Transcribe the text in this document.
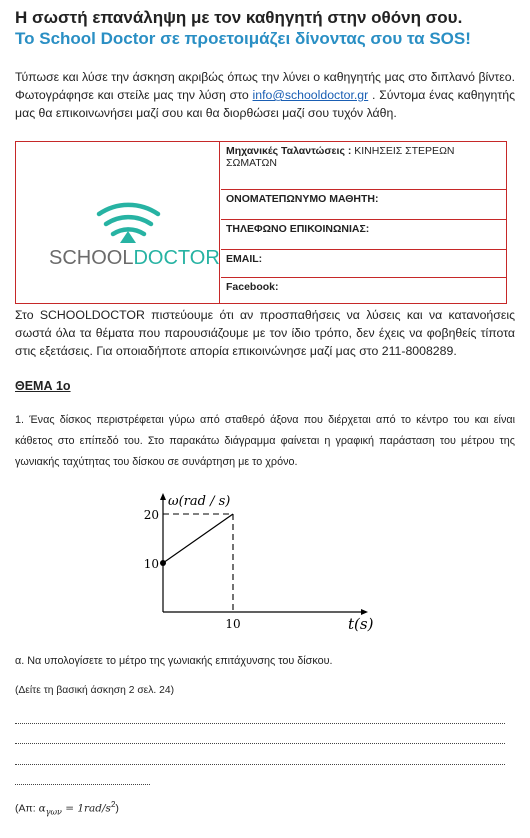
Η σωστή επανάληψη με τον καθηγητή στην οθόνη σου.
Το School Doctor σε προετοιμάζει δίνοντας σου τα SOS!
Τύπωσε και λύσε την άσκηση ακριβώς όπως την λύνει ο καθηγητής μας στο διπλανό βίντεο. Φωτογράφησε και στείλε μας την λύση στο info@schooldoctor.gr . Σύντομα ένας καθηγητής μας θα επικοινωνήσει μαζί σου και θα διορθώσει μαζί σου τυχόν λάθη.
SCHOOLDOCTOR
Μηχανικές Ταλαντώσεις : ΚΙΝΗΣΕΙΣ ΣΤΕΡΕΩΝ ΣΩΜΑΤΩΝ
ΟΝΟΜΑΤΕΠΩΝΥΜΟ ΜΑΘΗΤΗ:
ΤΗΛΕΦΩΝΟ ΕΠΙΚΟΙΝΩΝΙΑΣ:
EMAIL:
Facebook:
Στο SCHOOLDOCTOR πιστεύουμε ότι αν προσπαθήσεις να λύσεις και να κατανοήσεις σωστά όλα τα θέματα που παρουσιάζουμε με τον ίδιο τρόπο, δεν έχεις να φοβηθείς τίποτα στις εξετάσεις. Για οποιαδήποτε απορία επικοινώνησε μαζί μας στο 211-8008289.
ΘΕΜΑ 1ο
1. Ένας δίσκος περιστρέφεται γύρω από σταθερό άξονα που διέρχεται από το κέντρο του και είναι κάθετος στο επίπεδό του. Στο παρακάτω διάγραμμα φαίνεται η γραφική παράσταση του μέτρου της γωνιακής ταχύτητας του δίσκου σε συνάρτηση με το χρόνο.
10
20
10
ω(rad / s)
t(s)
α. Να υπολογίσετε το μέτρο της γωνιακής επιτάχυνσης του δίσκου.
(Δείτε τη βασική άσκηση 2 σελ. 24)
(Απ: $\alpha_{\gamma\omega\nu} = 1rad/s^2$)
